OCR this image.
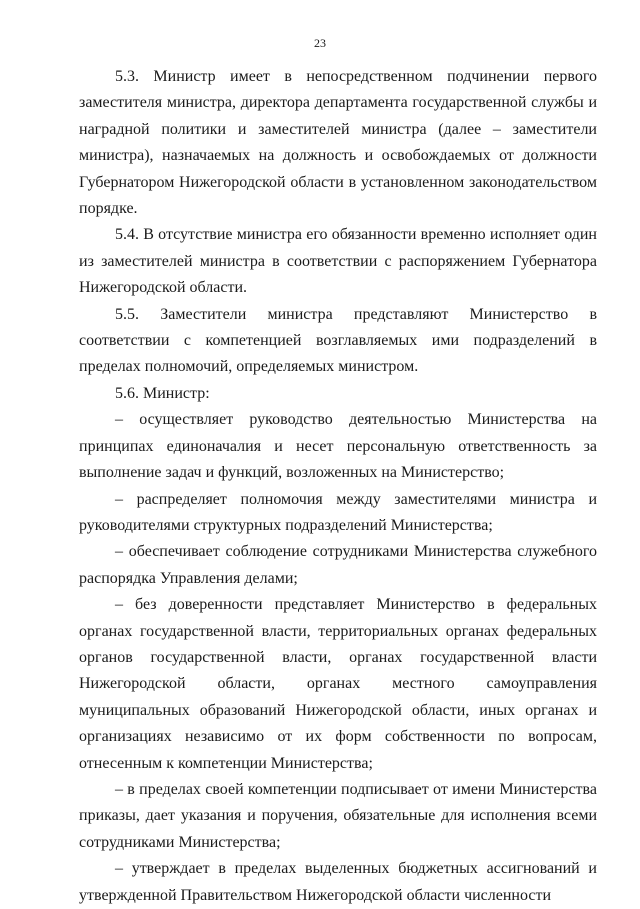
23

5.3. Министр имеет в непосредственном подчинении первого заместителя министра, директора департамента государственной службы и наградной политики и заместителей министра (далее – заместители министра), назначаемых на должность и освобождаемых от должности Губернатором Нижегородской области в установленном законодательством порядке.

5.4. В отсутствие министра его обязанности временно исполняет один из заместителей министра в соответствии с распоряжением Губернатора Нижегородской области.

5.5. Заместители министра представляют Министерство в соответствии с компетенцией возглавляемых ими подразделений в пределах полномочий, определяемых министром.

5.6. Министр:

– осуществляет руководство деятельностью Министерства на принципах единоначалия и несет персональную ответственность за выполнение задач и функций, возложенных на Министерство;

– распределяет полномочия между заместителями министра и руководителями структурных подразделений Министерства;

– обеспечивает соблюдение сотрудниками Министерства служебного распорядка Управления делами;

– без доверенности представляет Министерство в федеральных органах государственной власти, территориальных органах федеральных органов государственной власти, органах государственной власти Нижегородской области, органах местного самоуправления муниципальных образований Нижегородской области, иных органах и организациях независимо от их форм собственности по вопросам, отнесенным к компетенции Министерства;

– в пределах своей компетенции подписывает от имени Министерства приказы, дает указания и поручения, обязательные для исполнения всеми сотрудниками Министерства;

– утверждает в пределах выделенных бюджетных ассигнований и утвержденной Правительством Нижегородской области численности
